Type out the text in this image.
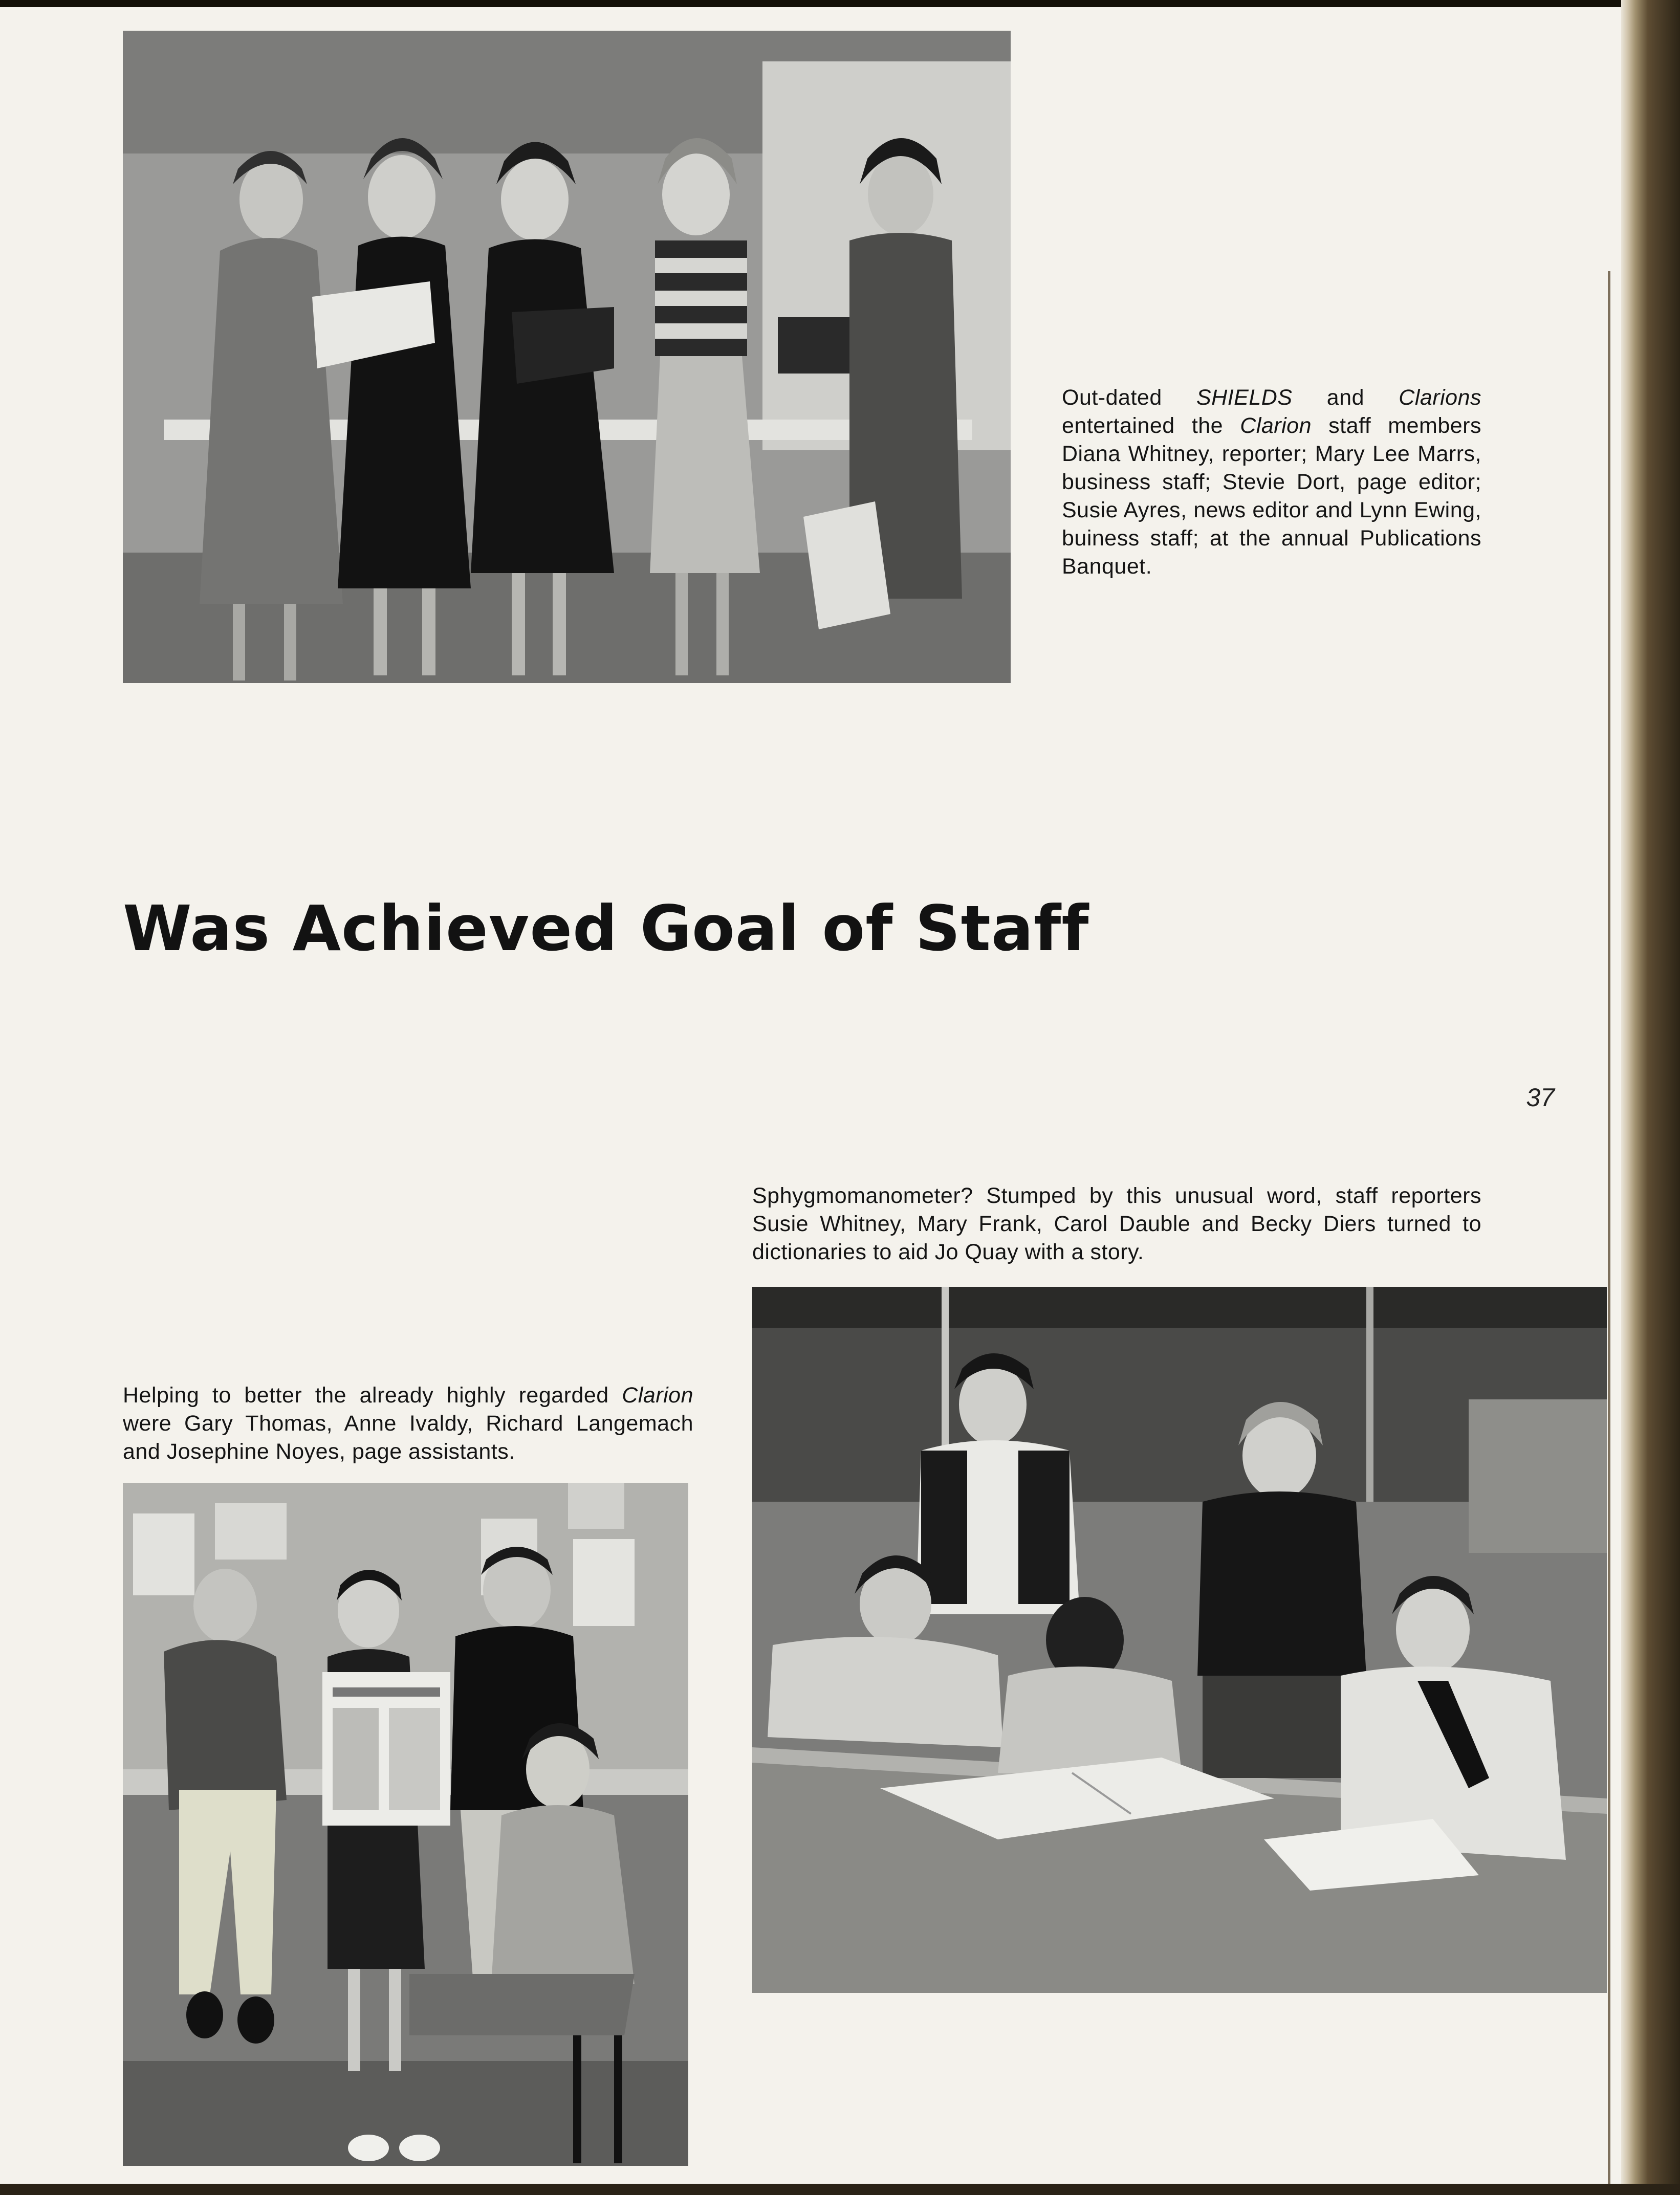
Out-dated SHIELDS and Clarions entertained the Clarion staff members Diana Whitney, reporter; Mary Lee Marrs, business staff; Stevie Dort, page editor; Susie Ayres, news editor and Lynn Ewing, buiness staff; at the annual Publications Banquet.
Was Achieved Goal of Staff
37
Sphygmomanometer? Stumped by this unusual word, staff reporters Susie Whitney, Mary Frank, Carol Dauble and Becky Diers turned to dictionaries to aid Jo Quay with a story.
Helping to better the already highly regarded Clarion were Gary Thomas, Anne Ivaldy, Richard Langemach and Josephine Noyes, page assistants.
